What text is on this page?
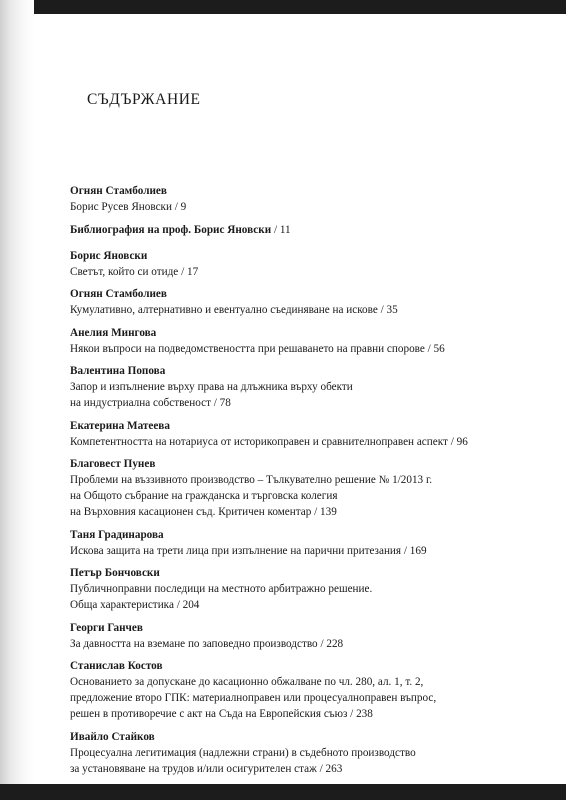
СЪДЪРЖАНИЕ
Огнян Стамболиев
Борис Русев Яновски / 9
Библиография на проф. Борис Яновски / 11
Борис Яновски
Светът, който си отиде / 17
Огнян Стамболиев
Кумулативно, алтернативно и евентуално съединяване на искове / 35
Анелия Мингова
Някои въпроси на подведомствеността при решаването на правни спорове / 56
Валентина Попова
Запор и изпълнение върху права на длъжника върху обекти
на индустриална собственост / 78
Екатерина Матеева
Компетентността на нотариуса от историкоправен и сравнителноправен аспект / 96
Благовест Пунев
Проблеми на въззивното производство – Тълкувателно решение № 1/2013 г.
на Общото събрание на гражданска и търговска колегия
на Върховния касационен съд. Критичен коментар / 139
Таня Градинарова
Искова защита на трети лица при изпълнение на парични притезания / 169
Петър Бончовски
Публичноправни последици на местното арбитражно решение.
Обща характеристика / 204
Георги Ганчев
За давността на вземане по заповедно производство / 228
Станислав Костов
Основанието за допускане до касационно обжалване по чл. 280, ал. 1, т. 2,
предложение второ ГПК: материалноправен или процесуалноправен въпрос,
решен в противоречие с акт на Съда на Европейския съюз / 238
Ивайло Стайков
Процесуална легитимация (надлежни страни) в съдебното производство
за установяване на трудов и/или осигурителен стаж / 263
